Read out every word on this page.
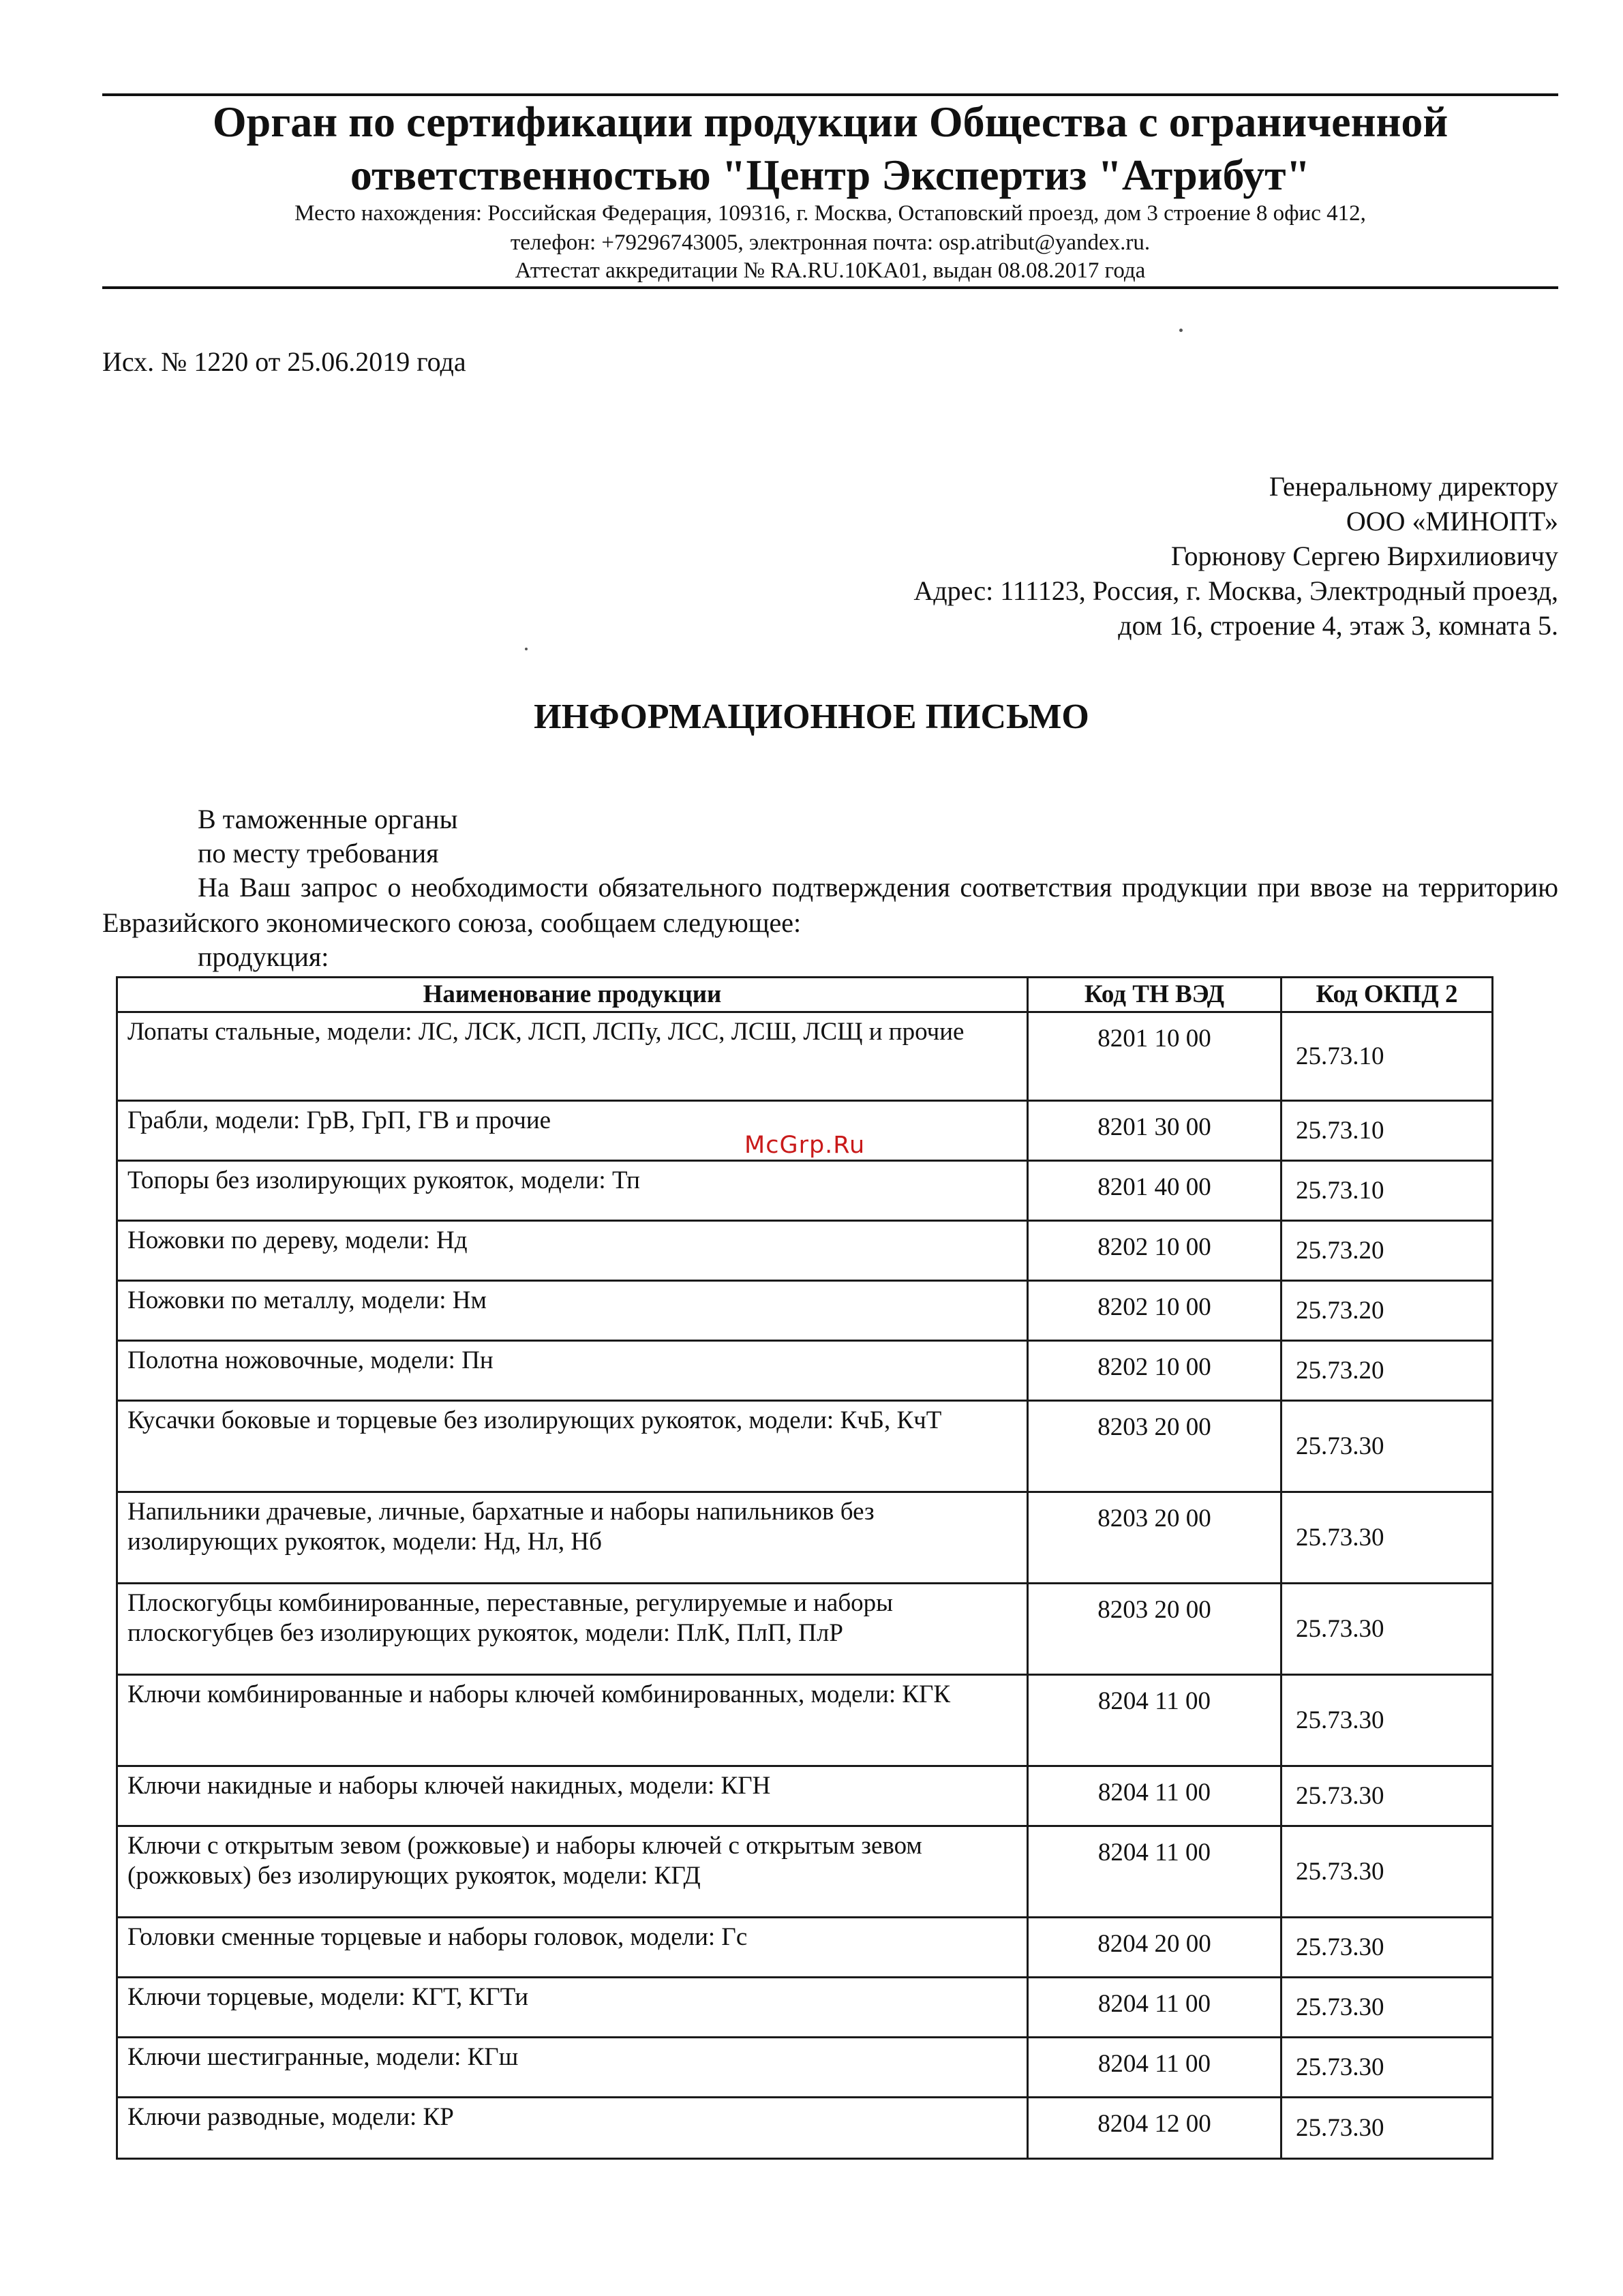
Орган по сертификации продукции Общества с ограниченной
ответственностью "Центр Экспертиз "Атрибут"
Место нахождения: Российская Федерация, 109316, г. Москва, Остаповский проезд, дом 3 строение 8 офис 412,
телефон: +79296743005, электронная почта: osp.atribut@yandex.ru.
Аттестат аккредитации № RA.RU.10KA01, выдан 08.08.2017 года
Исх. № 1220 от 25.06.2019 года
Генеральному директору
ООО «МИНОПТ»
Горюнову Сергею Вирхилиовичу
Адрес: 111123, Россия, г. Москва, Электродный проезд,
дом 16, строение 4, этаж 3, комната 5.
ИНФОРМАЦИОННОЕ ПИСЬМО
В таможенные органы
по месту требования
На Ваш запрос о необходимости обязательного подтверждения соответствия продукции при ввозе на территорию Евразийского экономического союза, сообщаем следующее:
продукция:
Наименование продукции	Код ТН ВЭД	Код ОКПД 2
Лопаты стальные, модели: ЛС, ЛСК, ЛСП, ЛСПу, ЛСС, ЛСШ, ЛСЩ и прочие	8201 10 00	25.73.10
Грабли, модели: ГрВ, ГрП, ГВ и прочие	8201 30 00	25.73.10
Топоры без изолирующих рукояток, модели: Тп	8201 40 00	25.73.10
Ножовки по дереву, модели: Нд	8202 10 00	25.73.20
Ножовки по металлу, модели: Нм	8202 10 00	25.73.20
Полотна ножовочные, модели: Пн	8202 10 00	25.73.20
Кусачки боковые и торцевые без изолирующих рукояток, модели: КчБ, КчТ	8203 20 00	25.73.30
Напильники драчевые, личные, бархатные и наборы напильников без изолирующих рукояток, модели: Нд, Нл, Нб	8203 20 00	25.73.30
Плоскогубцы комбинированные, переставные, регулируемые и наборы плоскогубцев без изолирующих рукояток, модели: ПлК, ПлП, ПлР	8203 20 00	25.73.30
Ключи комбинированные и наборы ключей комбинированных, модели: КГК	8204 11 00	25.73.30
Ключи накидные и наборы ключей накидных, модели: КГН	8204 11 00	25.73.30
Ключи с открытым зевом (рожковые) и наборы ключей с открытым зевом (рожковых) без изолирующих рукояток, модели: КГД	8204 11 00	25.73.30
Головки сменные торцевые и наборы головок, модели: Гс	8204 20 00	25.73.30
Ключи торцевые, модели: КГТ, КГТи	8204 11 00	25.73.30
Ключи шестигранные, модели: КГш	8204 11 00	25.73.30
Ключи разводные, модели: КР	8204 12 00	25.73.30
McGrp.Ru
